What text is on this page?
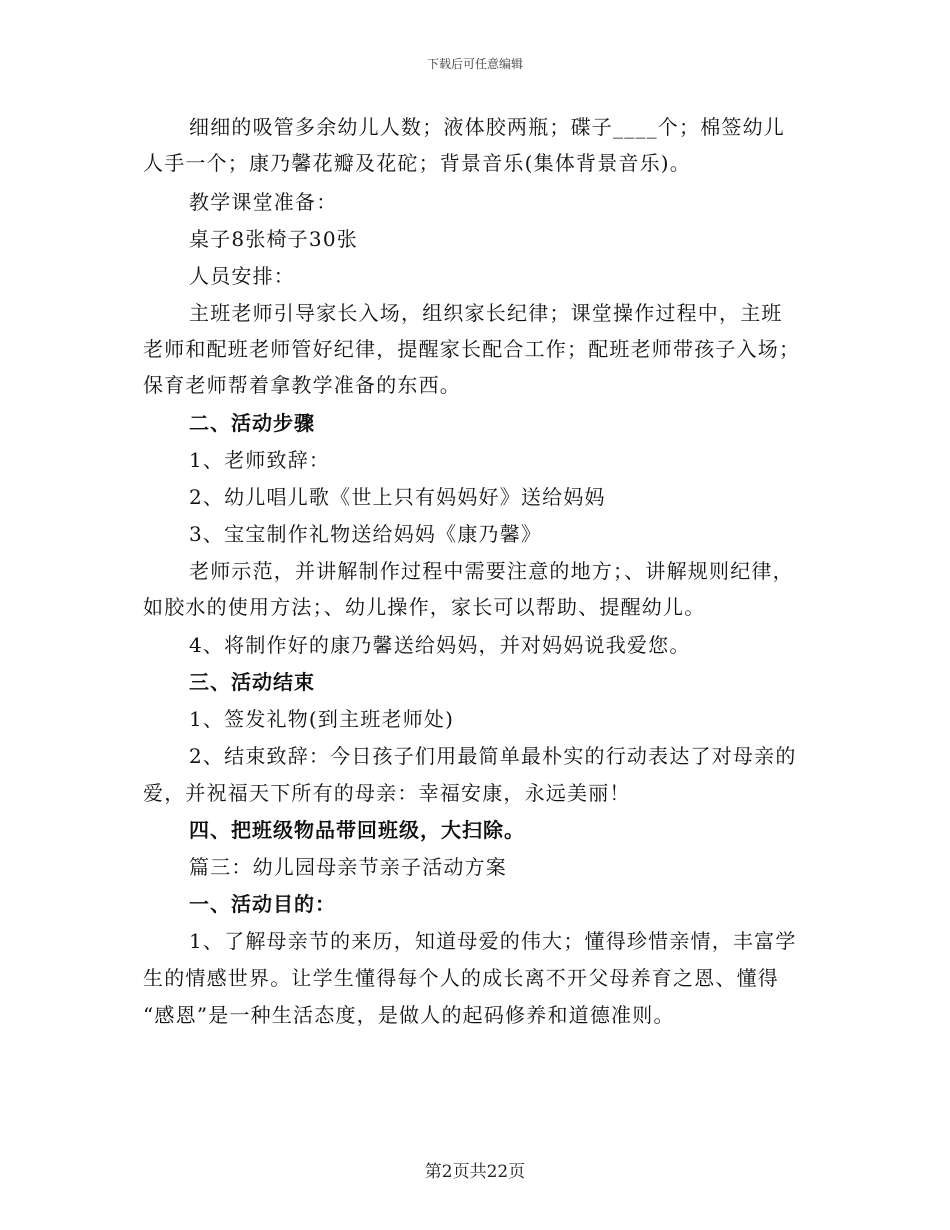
下载后可任意编辑
细细的吸管多余幼儿人数；液体胶两瓶；碟子____个；棉签幼儿
人手一个；康乃馨花瓣及花砣；背景音乐(集体背景音乐)。
教学课堂准备：
桌子8张椅子30张
人员安排：
主班老师引导家长入场，组织家长纪律；课堂操作过程中，主班
老师和配班老师管好纪律，提醒家长配合工作；配班老师带孩子入场；
保育老师帮着拿教学准备的东西。
二、活动步骤
1、老师致辞：
2、幼儿唱儿歌《世上只有妈妈好》送给妈妈
3、宝宝制作礼物送给妈妈《康乃馨》
老师示范，并讲解制作过程中需要注意的地方；、讲解规则纪律，
如胶水的使用方法；、幼儿操作，家长可以帮助、提醒幼儿。
4、将制作好的康乃馨送给妈妈，并对妈妈说我爱您。
三、活动结束
1、签发礼物(到主班老师处)
2、结束致辞：今日孩子们用最简单最朴实的行动表达了对母亲的
爱，并祝福天下所有的母亲：幸福安康，永远美丽！
四、把班级物品带回班级，大扫除。
篇三：幼儿园母亲节亲子活动方案
一、活动目的：
1、了解母亲节的来历，知道母爱的伟大；懂得珍惜亲情，丰富学
生的情感世界。让学生懂得每个人的成长离不开父母养育之恩、懂得
“感恩”是一种生活态度，是做人的起码修养和道德准则。
第2页共22页
